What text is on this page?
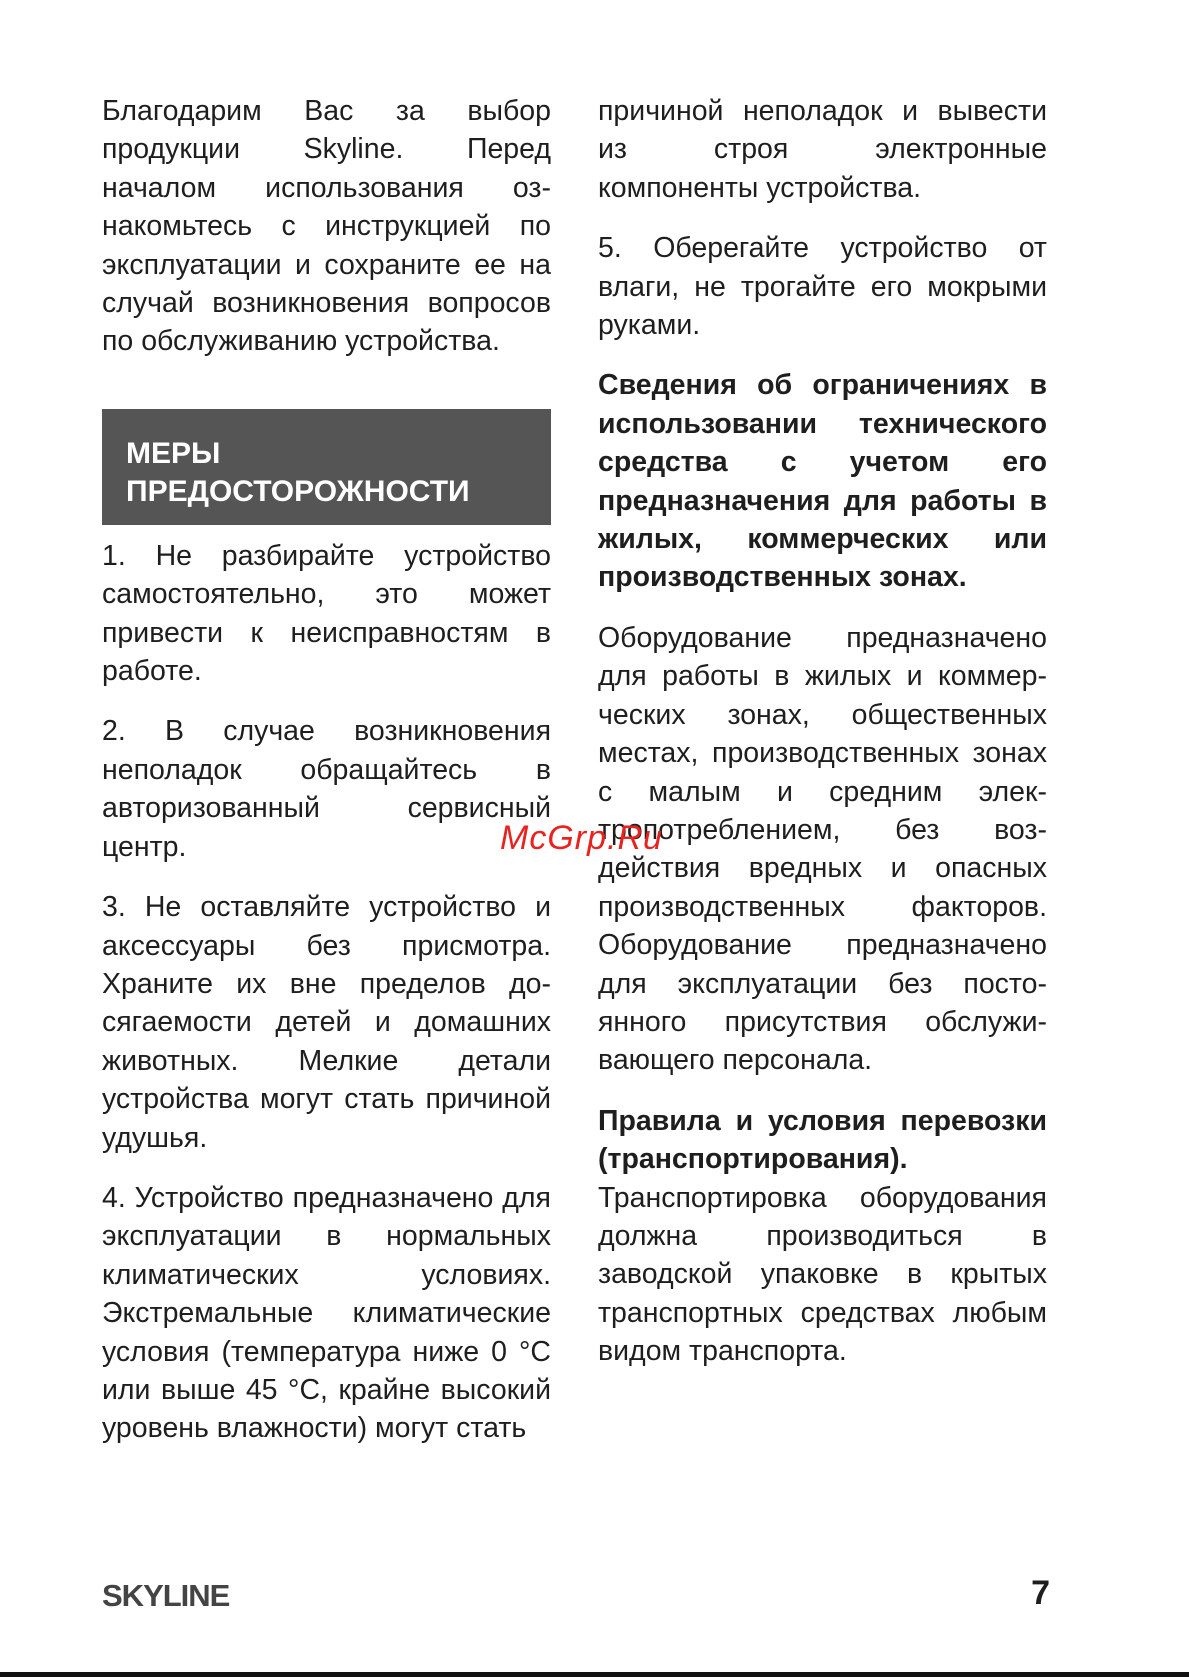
Благодарим Вас за выбор продукции Skyline. Перед началом использования ознакомьтесь с инструкцией по эксплуатации и сохраните ее на случай возникновения вопросов по обслуживанию устройства.

МЕРЫ
ПРЕДОСТОРОЖНОСТИ

1. Не разбирайте устройство самостоятельно, это может привести к неисправностям в работе.

2. В случае возникновения неполадок обращайтесь в авторизованный сервисный центр.

3. Не оставляйте устройство и аксессуары без присмотра. Храните их вне пределов досягаемости детей и домашних животных. Мелкие детали устройства могут стать причиной удушья.

4. Устройство предназначено для эксплуатации в нормальных климатических условиях. Экстремальные климатические условия (температура ниже 0 °C или выше 45 °C, крайне высокий уровень влажности) могут стать

причиной неполадок и вывести из строя электронные компоненты устройства.

5. Оберегайте устройство от влаги, не трогайте его мокрыми руками.

Сведения об ограничениях в использовании технического средства с учетом его предназначения для работы в жилых, коммерческих или производственных зонах.

Оборудование предназначено для работы в жилых и коммерческих зонах, общественных местах, производственных зонах с малым и средним электропотреблением, без воздействия вредных и опасных производственных факторов. Оборудование предназначено для эксплуатации без постоянного присутствия обслуживающего персонала.

Правила и условия перевозки (транспортирования). Транспортировка оборудования должна производиться в заводской упаковке в крытых транспортных средствах любым видом транспорта.

McGrp.Ru
SKYLINE	7
